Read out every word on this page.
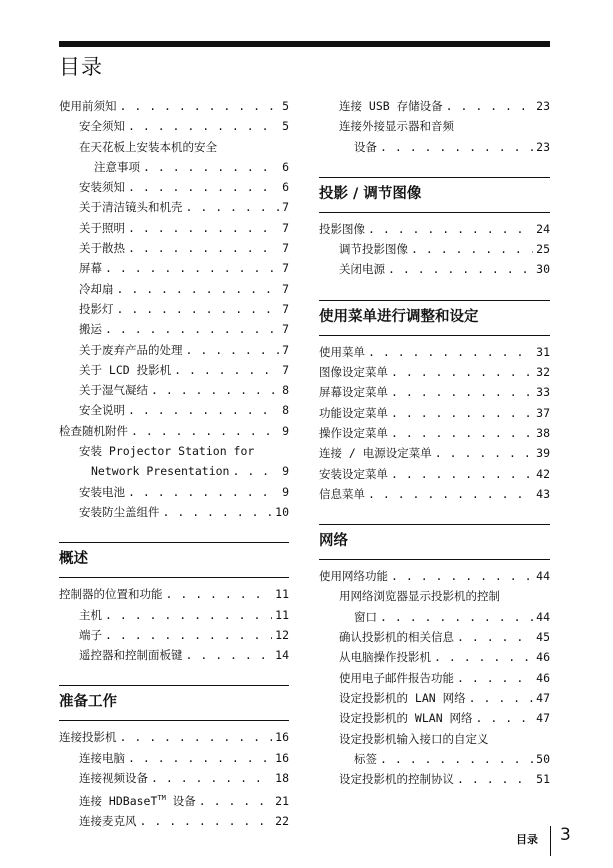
目录
使用前须知 . . .	5
安全须知 . . .	5
在天花板上安装本机的安全
注意事项 . . .	6
安装须知 . . .	6
关于清洁镜头和机壳 . . .	7
关于照明 . . .	7
关于散热 . . .	7
屏幕 . . .	7
冷却扇 . . .	7
投影灯 . . .	7
搬运 . . .	7
关于废弃产品的处理 . . .	7
关于 LCD 投影机 . . .	7
关于湿气凝结 . . .	8
安全说明 . . .	8
检查随机附件 . . .	9
安装 Projector Station for
Network Presentation . . .	9
安装电池 . . .	9
安装防尘盖组件 . . .	10
概述
控制器的位置和功能 . . .	11
主机 . . .	11
端子 . . .	12
遥控器和控制面板键 . . .	14
准备工作
连接投影机 . . .	16
连接电脑 . . .	16
连接视频设备 . . .	18
连接 HDBaseT™ 设备 . . .	21
连接麦克风 . . .	22
连接 USB 存储设备 . . .	23
连接外接显示器和音频
设备 . . .	23
投影 / 调节图像
投影图像 . . .	24
调节投影图像 . . .	25
关闭电源 . . .	30
使用菜单进行调整和设定
使用菜单 . . .	31
图像设定菜单 . . .	32
屏幕设定菜单 . . .	33
功能设定菜单 . . .	37
操作设定菜单 . . .	38
连接 / 电源设定菜单 . . .	39
安装设定菜单 . . .	42
信息菜单 . . .	43
网络
使用网络功能 . . .	44
用网络浏览器显示投影机的控制
窗口 . . .	44
确认投影机的相关信息 . . .	45
从电脑操作投影机 . . .	46
使用电子邮件报告功能 . . .	46
设定投影机的 LAN 网络 . . .	47
设定投影机的 WLAN 网络 . . .	47
设定投影机输入接口的自定义
标签 . . .	50
设定投影机的控制协议 . . .	51
目录 3
